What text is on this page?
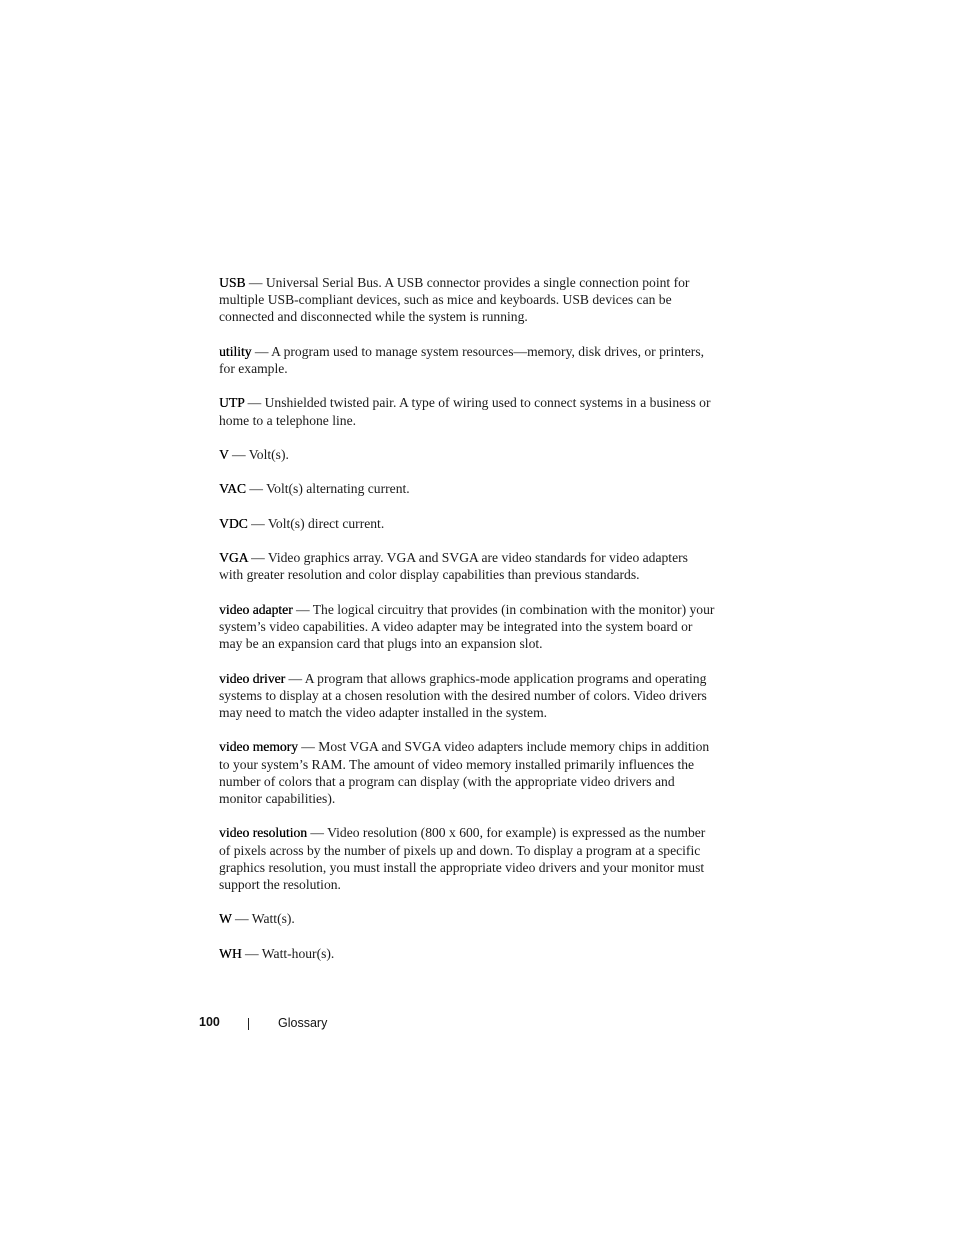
USB — Universal Serial Bus. A USB connector provides a single connection point for multiple USB-compliant devices, such as mice and keyboards. USB devices can be connected and disconnected while the system is running.

utility — A program used to manage system resources—memory, disk drives, or printers, for example.

UTP — Unshielded twisted pair. A type of wiring used to connect systems in a business or home to a telephone line.

V — Volt(s).

VAC — Volt(s) alternating current.

VDC — Volt(s) direct current.

VGA — Video graphics array. VGA and SVGA are video standards for video adapters with greater resolution and color display capabilities than previous standards.

video adapter — The logical circuitry that provides (in combination with the monitor) your system’s video capabilities. A video adapter may be integrated into the system board or may be an expansion card that plugs into an expansion slot.

video driver — A program that allows graphics-mode application programs and operating systems to display at a chosen resolution with the desired number of colors. Video drivers may need to match the video adapter installed in the system.

video memory — Most VGA and SVGA video adapters include memory chips in addition to your system’s RAM. The amount of video memory installed primarily influences the number of colors that a program can display (with the appropriate video drivers and monitor capabilities).

video resolution — Video resolution (800 x 600, for example) is expressed as the number of pixels across by the number of pixels up and down. To display a program at a specific graphics resolution, you must install the appropriate video drivers and your monitor must support the resolution.

W — Watt(s).

WH — Watt-hour(s).

100	Glossary
